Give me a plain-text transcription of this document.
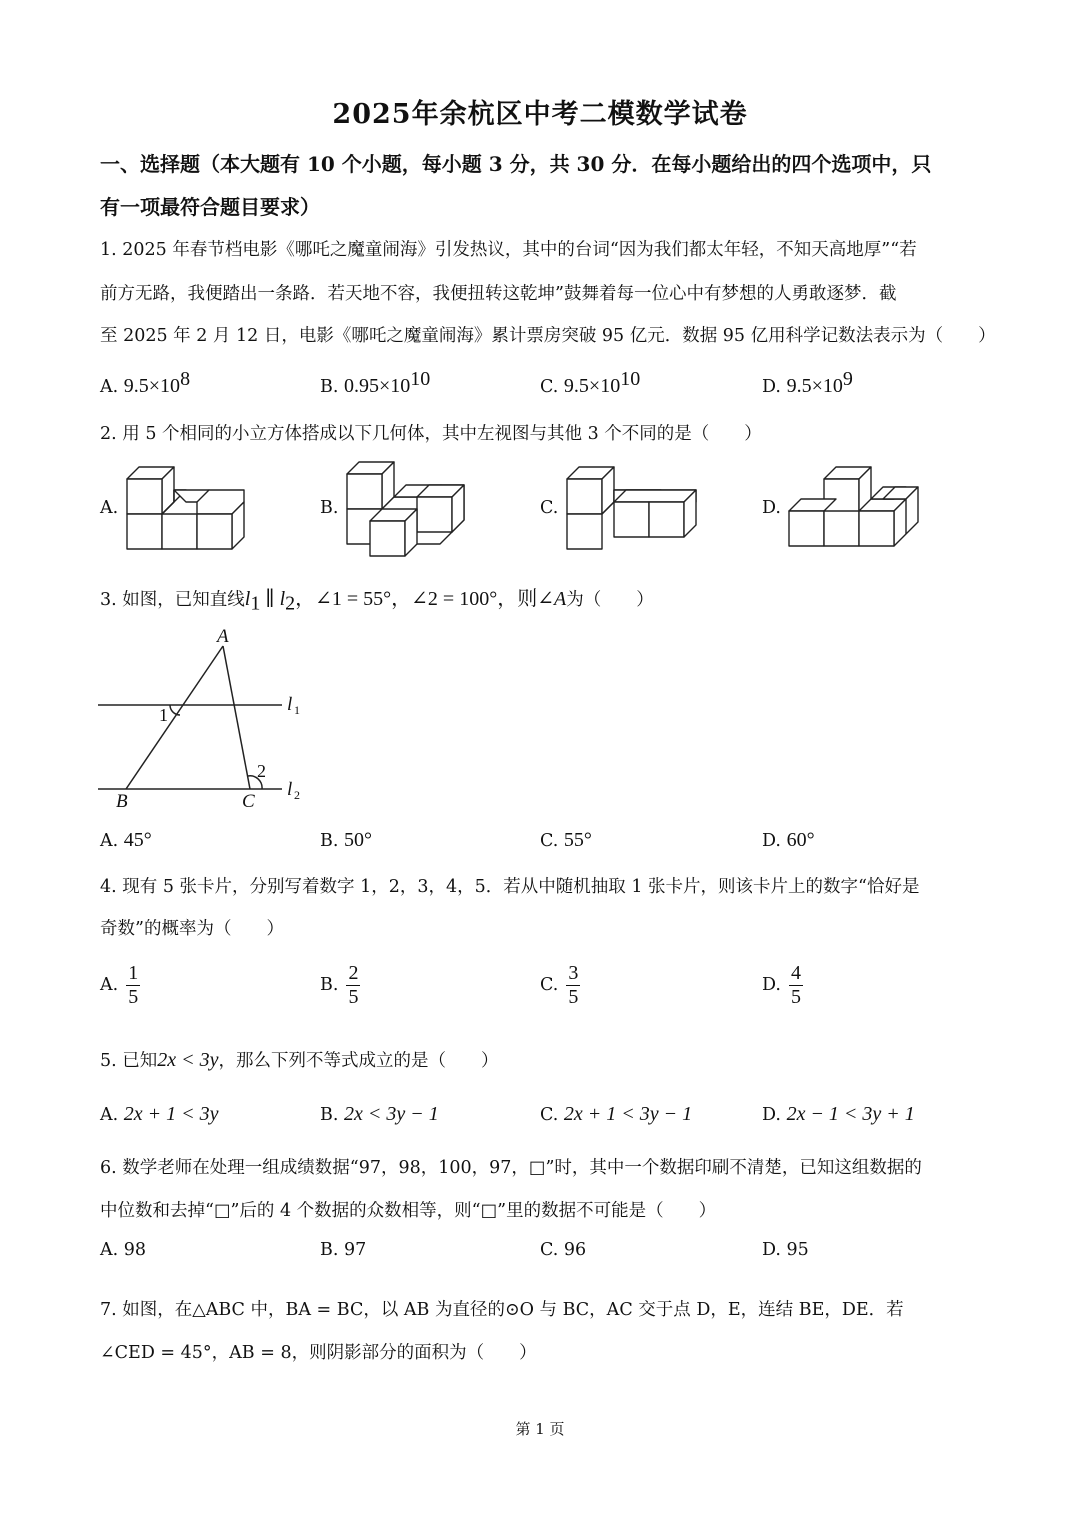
2025年余杭区中考二模数学试卷
一、选择题（本大题有 10 个小题，每小题 3 分，共 30 分．在每小题给出的四个选项中，只
有一项最符合题目要求）
1. 2025 年春节档电影《哪吒之魔童闹海》引发热议，其中的台词“因为我们都太年轻，不知天高地厚”“若
前方无路，我便踏出一条路．若天地不容，我便扭转这乾坤”鼓舞着每一位心中有梦想的人勇敢逐梦．截
至 2025 年 2 月 12 日，电影《哪吒之魔童闹海》累计票房突破 95 亿元．数据 95 亿用科学记数法表示为（　　）
A. $9.5\times 10^8$	B. $0.95\times 10^{10}$	C. $9.5\times 10^{10}$	D. $9.5\times 10^9$
2. 用 5 个相同的小立方体搭成以下几何体，其中左视图与其他 3 个不同的是（　　）
A.	B.	C.	D.
3. 如图，已知直线$l_1$ ∥ $l_2$，∠1 = 55°，∠2 = 100°，则∠A为（　　）
A
B	C
l
l
1
2
1
2
A. 45°	B. 50°	C. 55°	D. 60°
4. 现有 5 张卡片，分别写着数字 1，2，3，4，5．若从中随机抽取 1 张卡片，则该卡片上的数字“恰好是
奇数”的概率为（　　）
A. $\frac{1}{5}$	B. $\frac{2}{5}$	C. $\frac{3}{5}$	D. $\frac{4}{5}$
5. 已知2x < 3y，那么下列不等式成立的是（　　）
A. 2x + 1 < 3y	B. 2x < 3y − 1	C. 2x + 1 < 3y − 1	D. 2x − 1 < 3y + 1
6. 数学老师在处理一组成绩数据“97，98，100，97，□”时，其中一个数据印刷不清楚，已知这组数据的
中位数和去掉“□”后的 4 个数据的众数相等，则“□”里的数据不可能是（　　）
A. 98	B. 97	C. 96	D. 95
7. 如图，在△ABC 中，BA = BC，以 AB 为直径的⊙O 与 BC，AC 交于点 D，E，连结 BE，DE．若
∠CED = 45°，AB = 8，则阴影部分的面积为（　　）
第 1 页
